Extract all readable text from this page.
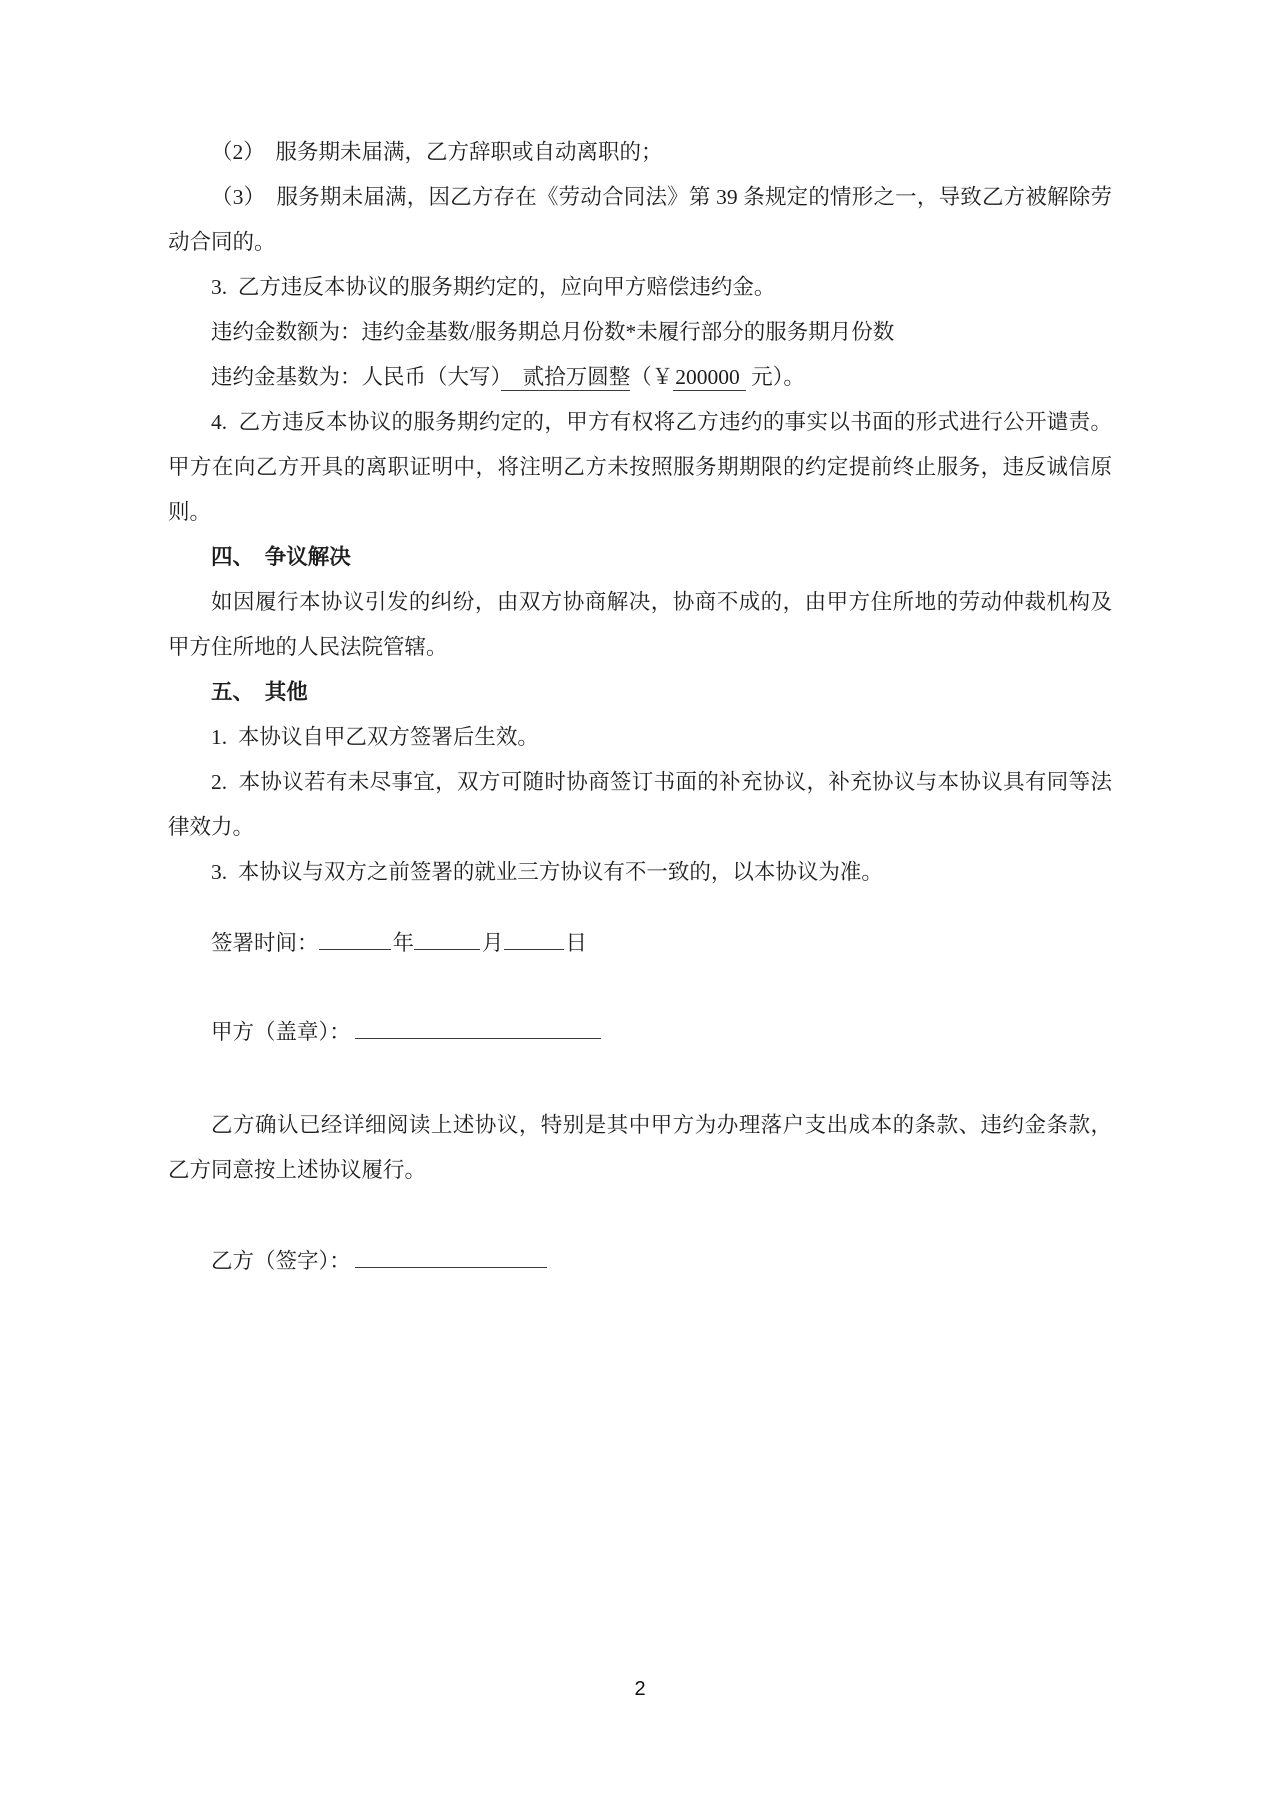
（2）  服务期未届满，乙方辞职或自动离职的；

（3）  服务期未届满，因乙方存在《劳动合同法》第 39 条规定的情形之一，导致乙方被解除劳动合同的。

3.  乙方违反本协议的服务期约定的，应向甲方赔偿违约金。

违约金数额为：违约金基数/服务期总月份数*未履行部分的服务期月份数

违约金基数为：人民币（大写）　贰拾万圆整（￥200000 元）。

4.  乙方违反本协议的服务期约定的，甲方有权将乙方违约的事实以书面的形式进行公开谴责。甲方在向乙方开具的离职证明中，将注明乙方未按照服务期期限的约定提前终止服务，违反诚信原则。

四、  争议解决

如因履行本协议引发的纠纷，由双方协商解决，协商不成的，由甲方住所地的劳动仲裁机构及甲方住所地的人民法院管辖。

五、  其他

1.  本协议自甲乙双方签署后生效。

2.  本协议若有未尽事宜，双方可随时协商签订书面的补充协议，补充协议与本协议具有同等法律效力。

3.  本协议与双方之前签署的就业三方协议有不一致的，以本协议为准。

签署时间：	年	月	日

甲方（盖章）：

乙方确认已经详细阅读上述协议，特别是其中甲方为办理落户支出成本的条款、违约金条款，乙方同意按上述协议履行。

乙方（签字）：

2
